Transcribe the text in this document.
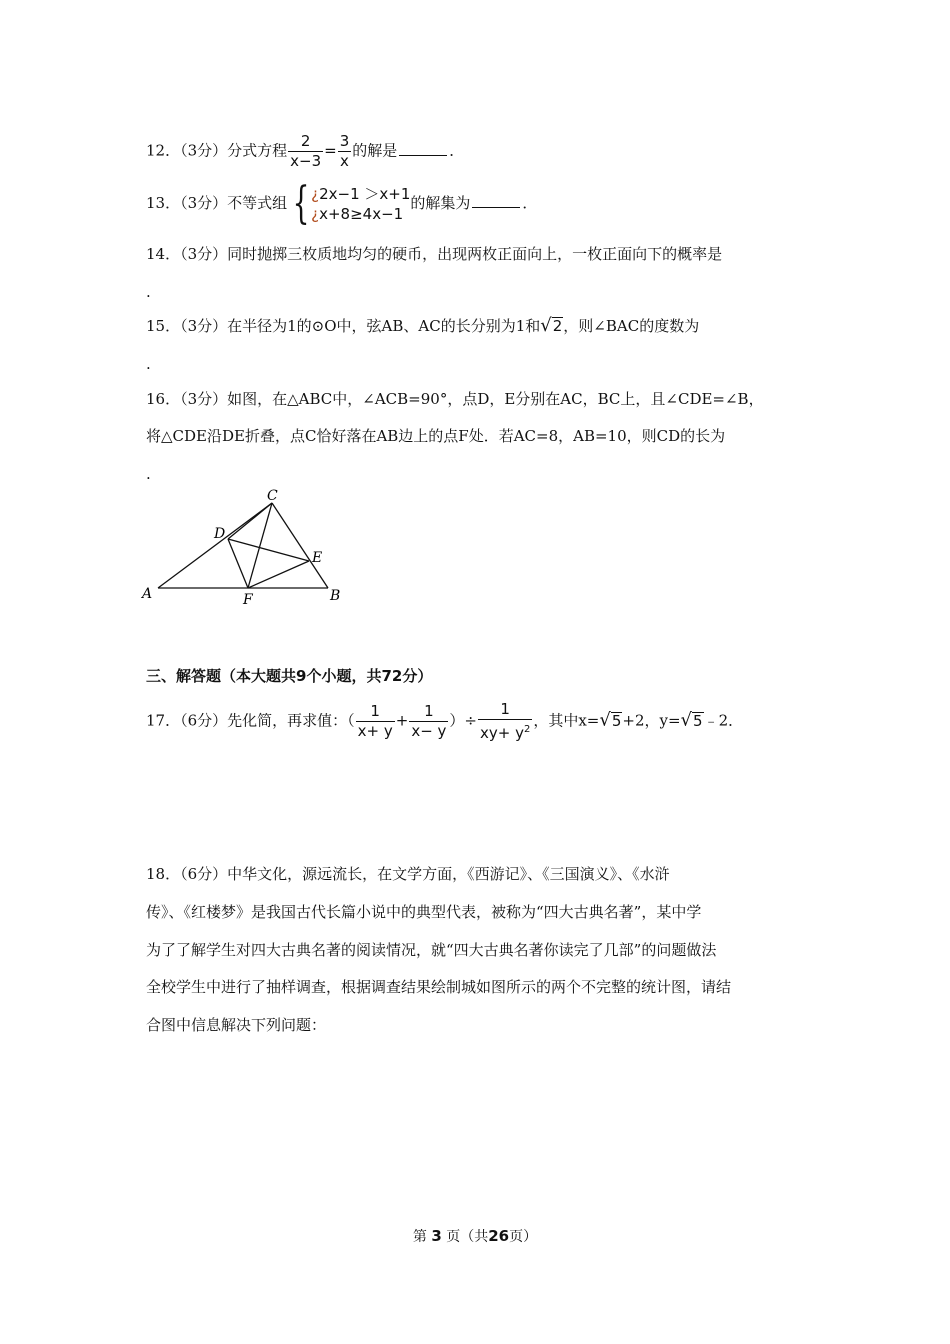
12．（3分）分式方程 $\frac{2}{x-3} = \frac{3}{x}$ 的解是	．
13．（3分）不等式组 { ¿2x−1 ＞x+1
¿x+8≥4x−1
的解集为	．
14．（3分）同时抛掷三枚质地均匀的硬币，出现两枚正面向上，一枚正面向下的概率是
.
15．（3分）在半径为1的⊙O中，弦AB、AC的长分别为1和√2，则∠BAC的度数为
.
16．（3分）如图，在△ABC中，∠ACB=90°，点D，E分别在AC，BC上，且∠CDE=∠B，
将△CDE沿DE折叠，点C恰好落在AB边上的点F处．若AC=8，AB=10，则CD的长为
.
A	B
C
D
E
F
三、解答题（本大题共9个小题，共72分）
17．（6分）先化简，再求值：（ $\frac{1}{x+ y} + \frac{1}{x- y}$ ）÷ $\frac{1}{xy+ y^2}$ ，其中x=√5+2，y=√5﹣2．
18．（6分）中华文化，源远流长，在文学方面，《西游记》、《三国演义》、《水浒
传》、《红楼梦》是我国古代长篇小说中的典型代表，被称为“四大古典名著”，某中学
为了了解学生对四大古典名著的阅读情况，就“四大古典名著你读完了几部”的问题做法
全校学生中进行了抽样调查，根据调查结果绘制城如图所示的两个不完整的统计图，请结
合图中信息解决下列问题：
第 3 页（共26页）
